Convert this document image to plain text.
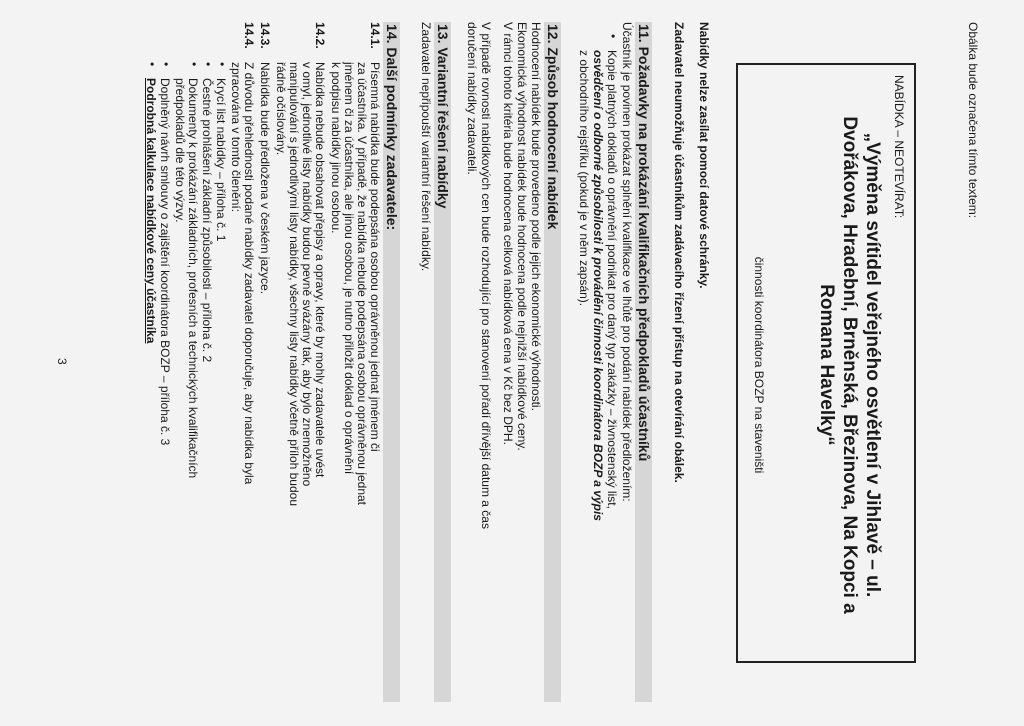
Obálka bude označena tímto textem:
NABÍDKA – NEOTEVÍRAT:
„Výměna svítidel veřejného osvětlení v Jihlavě – ul.
Dvořákova, Hradební, Brněnská, Březinova, Na Kopci a
Romana Havelky“
činnosti koordinátora BOZP na staveništi
Nabídky nelze zasílat pomocí datové schránky.
Zadavatel neumožňuje účastníkům zadávacího řízení přístup na otevírání obálek.
11. Požadavky na prokázání kvalifikačních předpokladů účastníků
Účastník je povinen prokázat splnění kvalifikace ve lhůtě pro podání nabídek předložením:
•
Kopie platných dokladů o oprávnění podnikat pro daný typ zakázky – živnostenský list,
osvědčení o odborné způsobilosti k provádění činnosti koordinátora BOZP a výpis
z obchodního rejstříku (pokud je v něm zapsán).
12. Způsob hodnocení nabídek
Hodnocení nabídek bude provedeno podle jejich ekonomické výhodnosti.
Ekonomická výhodnost nabídek bude hodnocena podle nejnižší nabídkové ceny.
V rámci tohoto kritéria bude hodnocena celková nabídková cena v Kč bez DPH.
V případě rovnosti nabídkových cen bude rozhodující pro stanovení pořadí dřívější datum a čas
doručení nabídky zadavateli.
13. Variantní řešení nabídky
Zadavatel nepřipouští variantní řešení nabídky.
14. Další podmínky zadavatele:
14.1.
Písemná nabídka bude podepsána osobou oprávněnou jednat jménem či
za účastníka. V případě, že nabídka nebude podepsána osobou oprávněnou jednat
jménem či za účastníka, ale jinou osobou, je nutno přiložit doklad o oprávnění
k podpisu nabídky jinou osobou.
14.2.
Nabídka nebude obsahovat přepisy a opravy, které by mohly zadavatele uvést
v omyl, jednotlivé listy nabídky budou pevně svázány tak, aby bylo znemožněno
manipulování s jednotlivými listy nabídky, všechny listy nabídky včetně příloh budou
řádně očíslovány.
14.3.
Nabídka bude předložena v českém jazyce.
14.4.
Z důvodu přehlednosti podané nabídky zadavatel doporučuje, aby nabídka byla
zpracována v tomto členění:
•
Krycí list nabídky – příloha č. 1
•
Čestné prohlášení základní způsobilosti – příloha č. 2
•
Dokumenty k prokázání základních, profesních a technických kvalifikačních
předpokladů dle této výzvy.
•
Doplněný návrh smlouvy o zajištění koordinátora BOZP – příloha č. 3
•
Podrobná kalkulace nabídkové ceny účastníka
3
